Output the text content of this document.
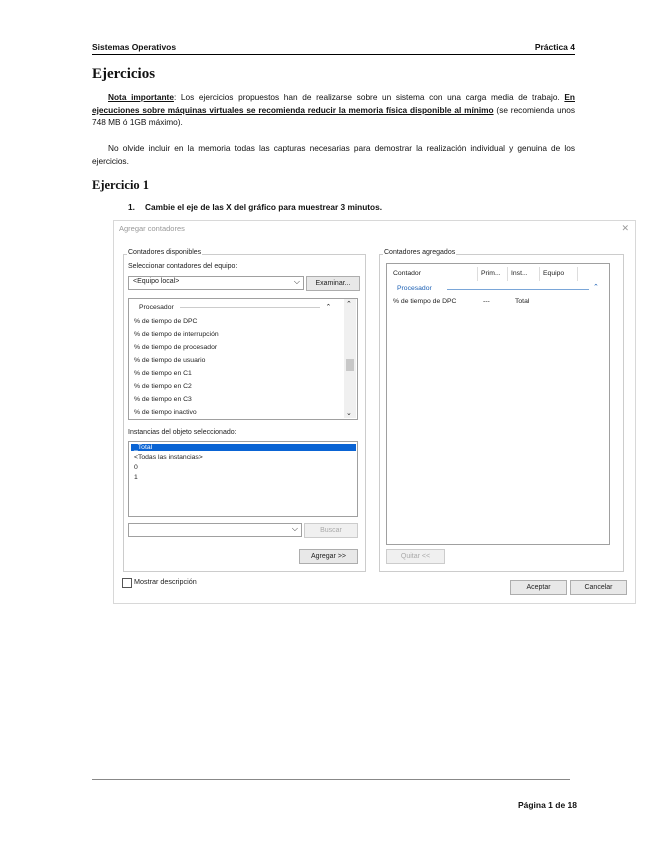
Sistemas Operativos	Práctica 4
Ejercicios
Nota importante: Los ejercicios propuestos han de realizarse sobre un sistema con una carga media de trabajo. En ejecuciones sobre máquinas virtuales se recomienda reducir la memoria física disponible al mínimo (se recomienda unos 748 MB ó 1GB máximo).
No olvide incluir en la memoria todas las capturas necesarias para demostrar la realización individual y genuina de los ejercicios.
Ejercicio 1
1. Cambie el eje de las X del gráfico para muestrear 3 minutos.
Agregar contadores	✕
Contadores disponibles
Seleccionar contadores del equipo:
<Equipo local>	⌵	Examinar...
Procesador	⌃
% de tiempo de DPC
% de tiempo de interrupción
% de tiempo de procesador
% de tiempo de usuario
% de tiempo en C1
% de tiempo en C2
% de tiempo en C3
% de tiempo inactivo
⌃
⌄
Instancias del objeto seleccionado:
_Total
<Todas las instancias>
0
1
⌵	Buscar
Agregar >>
Contadores agregados
Contador	Prim... Inst... Equipo
Procesador	⌃
% de tiempo de DPC	---	Total
Quitar <<
Mostrar descripción
Aceptar	Cancelar
Página 1 de 18
